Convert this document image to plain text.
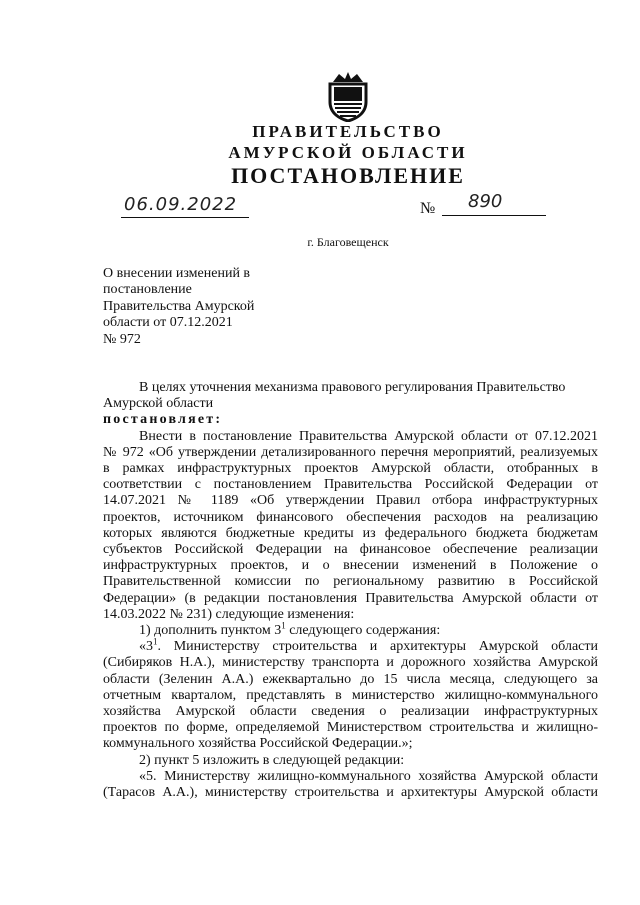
ПРАВИТЕЛЬСТВО
АМУРСКОЙ ОБЛАСТИ
ПОСТАНОВЛЕНИЕ
06.09.2022	№ 890
г. Благовещенск
О внесении изменений в
постановление
Правительства Амурской
области от 07.12.2021
№ 972
В целях уточнения механизма правового регулирования Правительство
Амурской области
постановляет:
Внести в постановление Правительства Амурской области от 07.12.2021
№ 972 «Об утверждении детализированного перечня мероприятий, реализуемых
в рамках инфраструктурных проектов Амурской области, отобранных в
соответствии с постановлением Правительства Российской Федерации от
14.07.2021 № 1189 «Об утверждении Правил отбора инфраструктурных
проектов, источником финансового обеспечения расходов на реализацию
которых являются бюджетные кредиты из федерального бюджета бюджетам
субъектов Российской Федерации на финансовое обеспечение реализации
инфраструктурных проектов, и о внесении изменений в Положение о
Правительственной комиссии по региональному развитию в Российской
Федерации» (в редакции постановления Правительства Амурской области от
14.03.2022 № 231) следующие изменения:
1) дополнить пунктом $3^1$ следующего содержания:
«$3^1$. Министерству строительства и архитектуры Амурской области
(Сибиряков Н.А.), министерству транспорта и дорожного хозяйства Амурской
области (Зеленин А.А.) ежеквартально до 15 числа месяца, следующего за
отчетным кварталом, представлять в министерство жилищно-коммунального
хозяйства Амурской области сведения о реализации инфраструктурных
проектов по форме, определяемой Министерством строительства и жилищно-
коммунального хозяйства Российской Федерации.»;
2) пункт 5 изложить в следующей редакции:
«5. Министерству жилищно-коммунального хозяйства Амурской области
(Тарасов А.А.), министерству строительства и архитектуры Амурской области
